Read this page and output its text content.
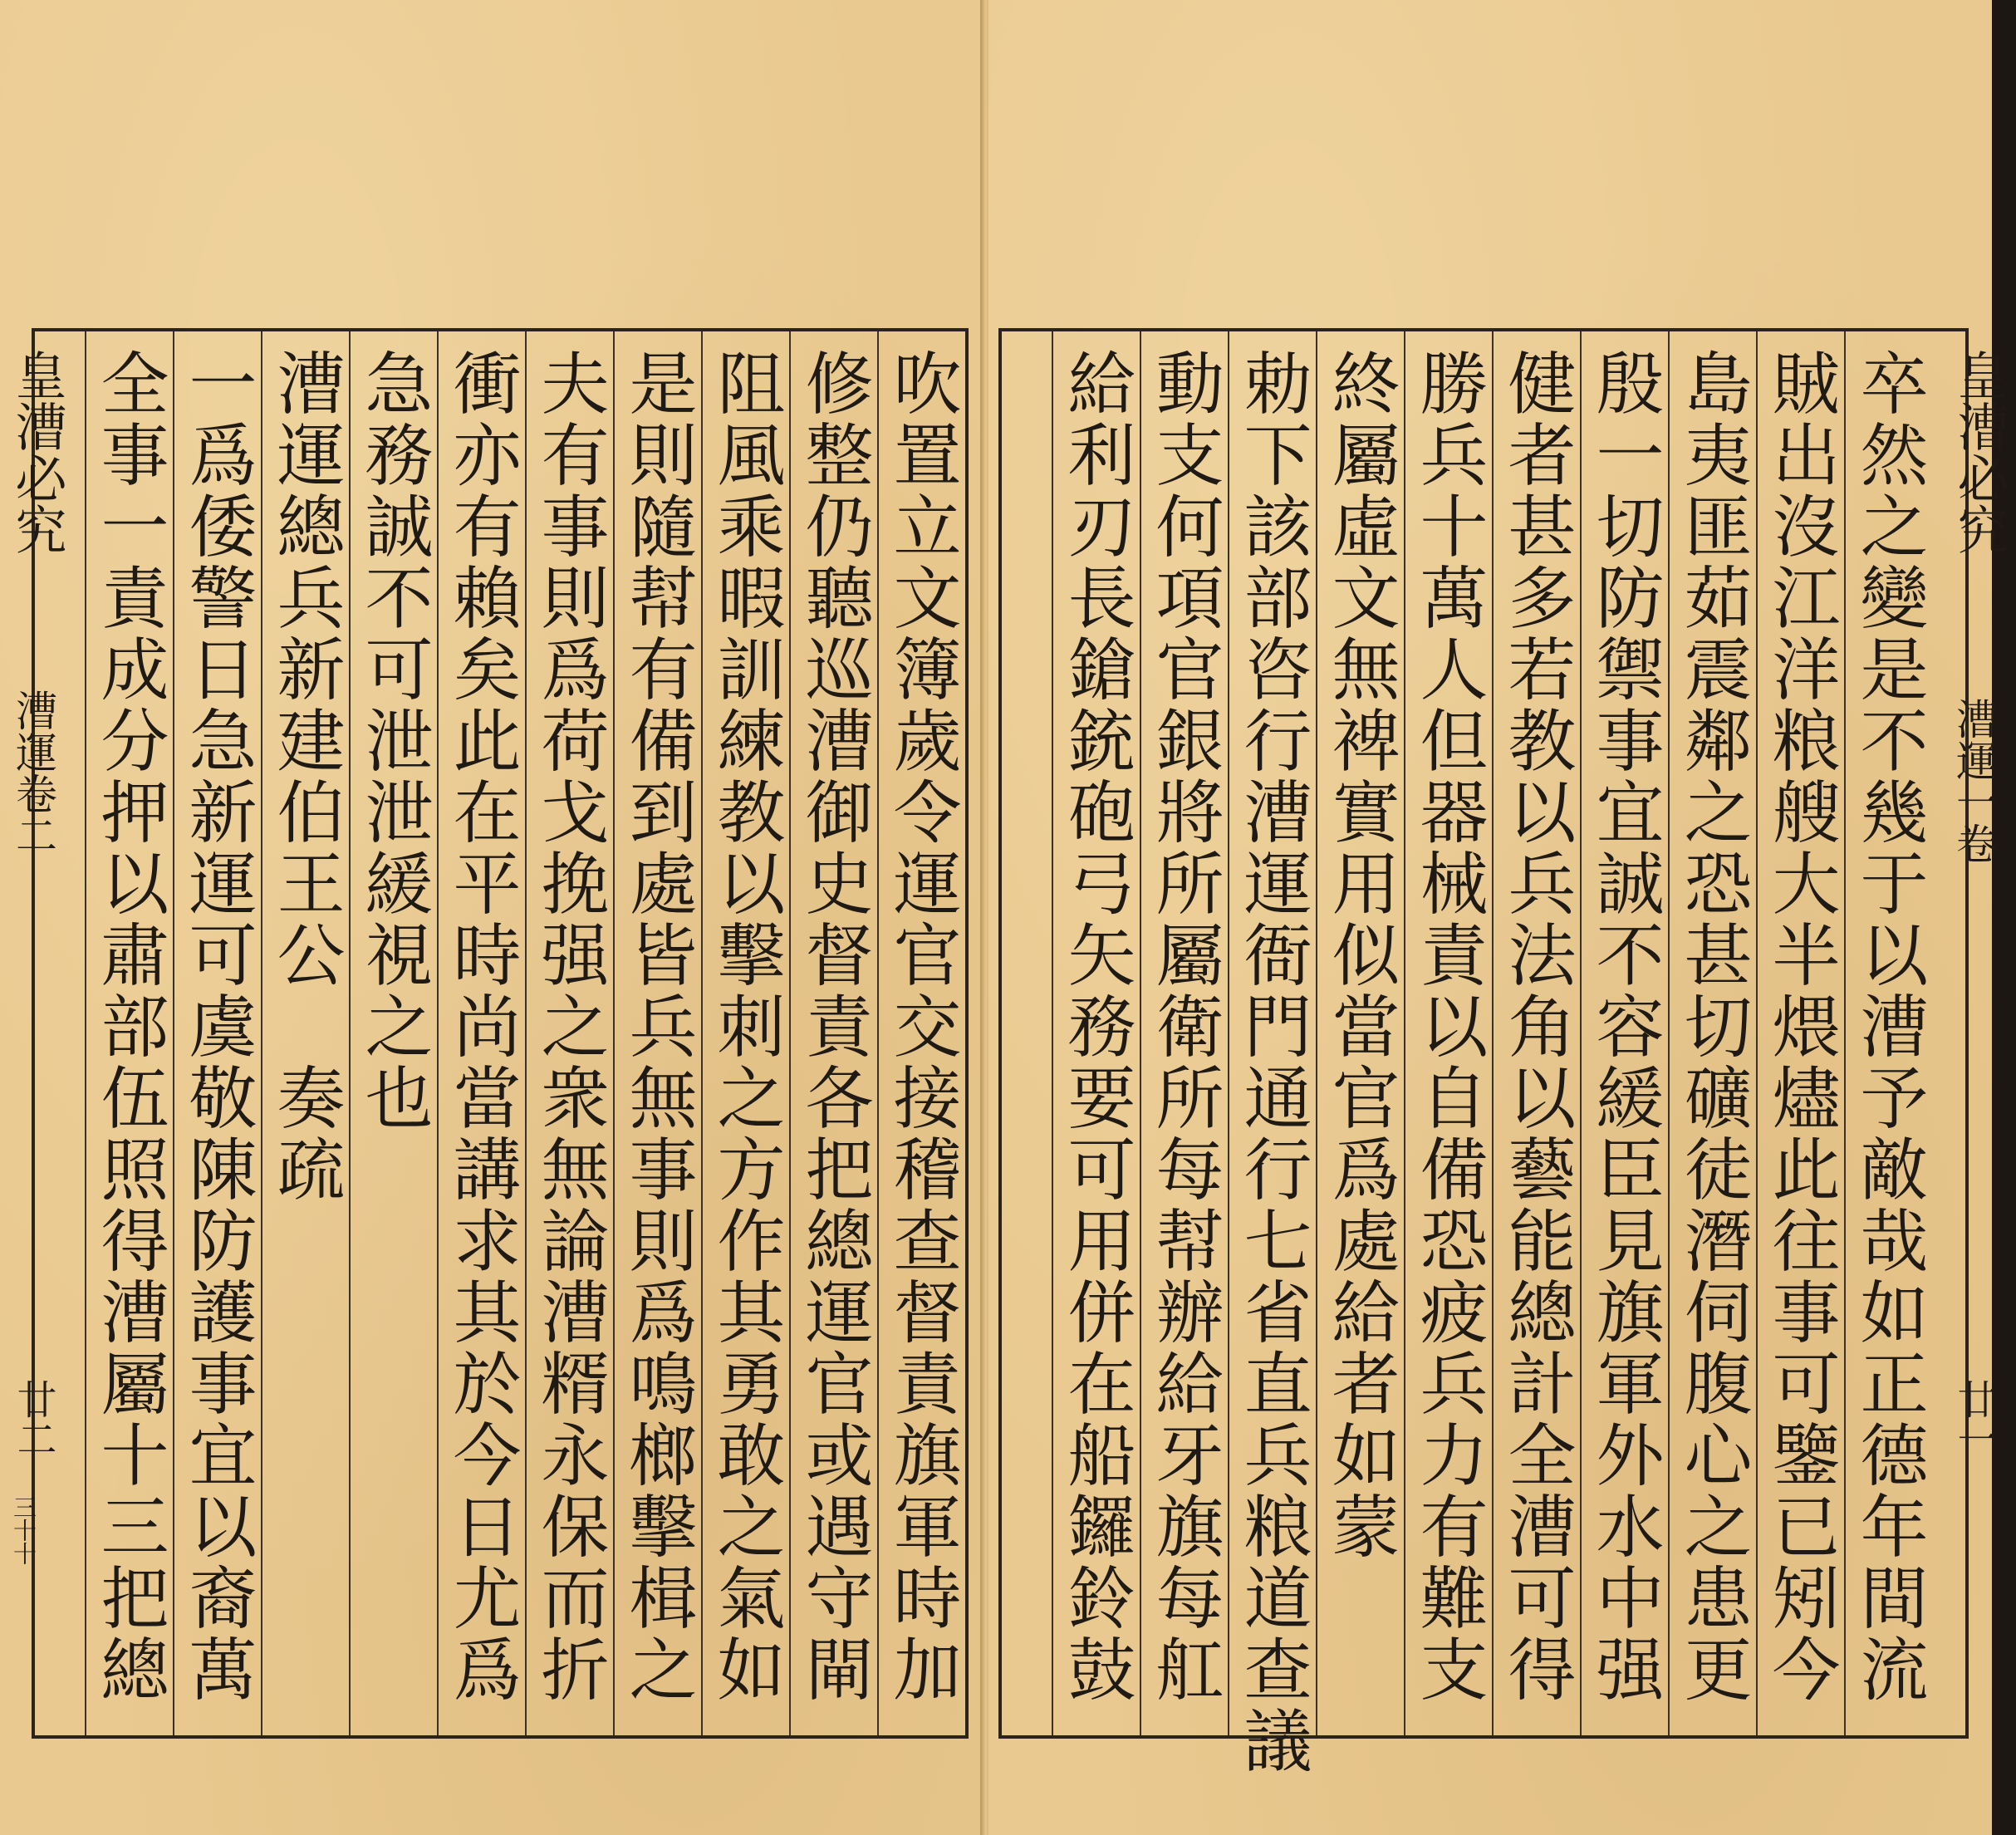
吹置立文簿歲令運官交接稽查督責旗軍時加
修整仍聽巡漕御史督責各把總運官或遇守閘
阻風乘暇訓練教以擊刺之方作其勇敢之氣如
是則隨幇有備到處皆兵無事則爲鳴榔擊楫之
夫有事則爲荷戈挽强之衆無論漕糈永保而折
衝亦有賴矣此在平時尚當講求其於今日尤爲
急務誠不可泄泄緩視之也
漕運總兵新建伯王公　奏疏
一爲倭警日急新運可虞敬陳防護事宜以裔萬
全事一責成分押以肅部伍照得漕屬十三把總
皇漕必究
漕運卷二
廿二
三十十	卒然之變是不幾于以漕予敵哉如正德年間流
賊出沒江洋粮艘大半煨燼此往事可鑒已矧今
島夷匪茹震鄰之恐甚切礦徒潛伺腹心之患更
殷一切防禦事宜誠不容緩臣見旗軍外水中强
健者甚多若教以兵法角以藝能總計全漕可得
勝兵十萬人但器械責以自備恐疲兵力有難支
終屬虛文無裨實用似當官爲處給者如蒙
勅下該部咨行漕運衙門通行七省直兵粮道查議
動支何項官銀將所屬衛所每幇辦給牙旗每舡
給利刃長鎗銃砲弓矢務要可用併在船鑼鈴鼓	皇漕必究
漕運一卷
廿一
